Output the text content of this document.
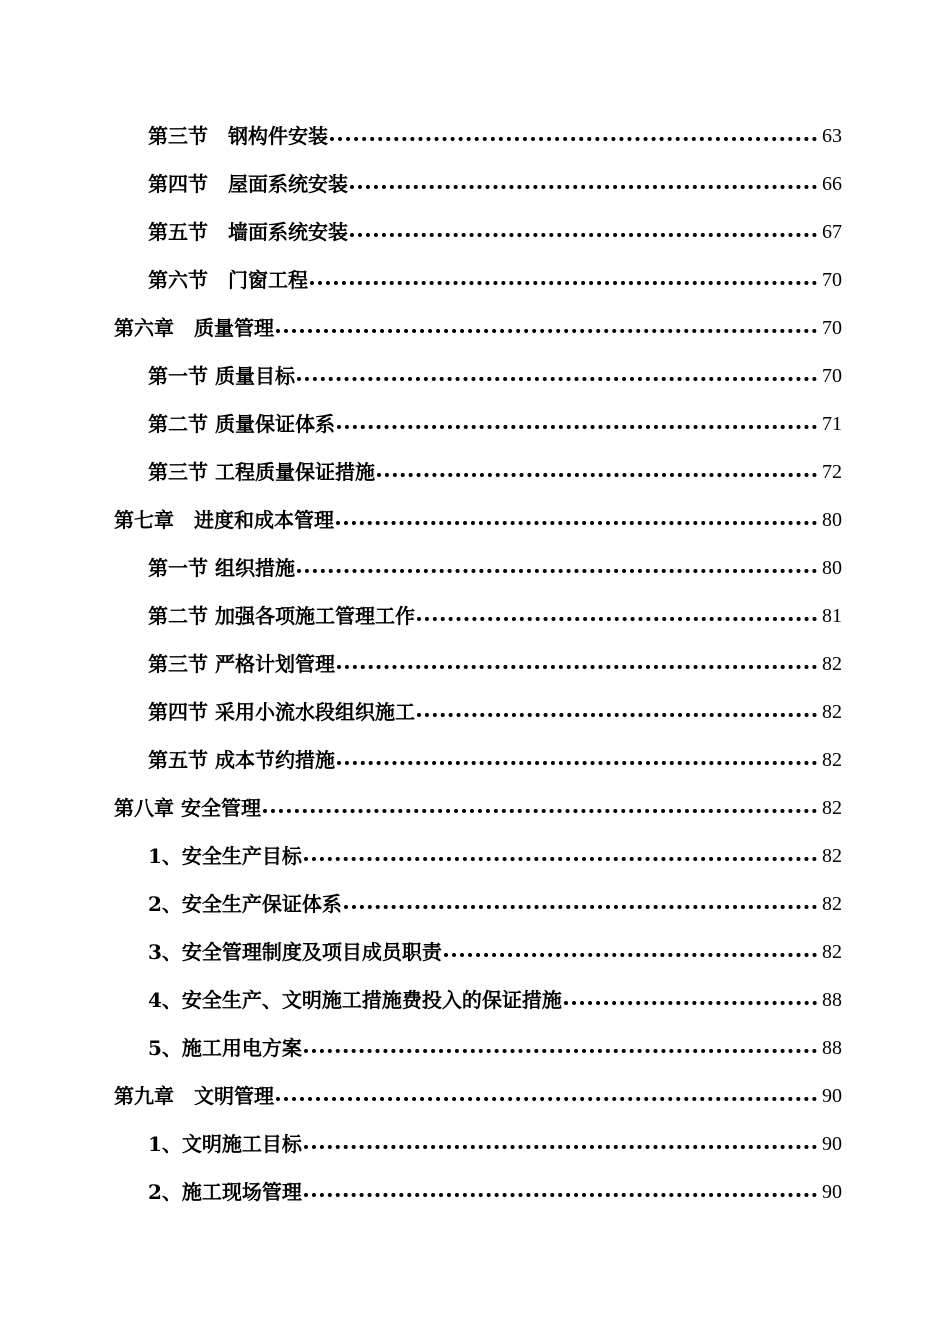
第三节　钢构件安装	63
第四节　屋面系统安装	66
第五节　墙面系统安装	67
第六节　门窗工程	70
第六章　质量管理	70
第一节 质量目标	70
第二节 质量保证体系	71
第三节 工程质量保证措施	72
第七章　进度和成本管理	80
第一节 组织措施	80
第二节 加强各项施工管理工作	81
第三节 严格计划管理	82
第四节 采用小流水段组织施工	82
第五节 成本节约措施	82
第八章 安全管理	82
1、安全生产目标	82
2、安全生产保证体系	82
3、安全管理制度及项目成员职责	82
4、安全生产、文明施工措施费投入的保证措施	88
5、施工用电方案	88
第九章　文明管理	90
1、文明施工目标	90
2、施工现场管理	90
